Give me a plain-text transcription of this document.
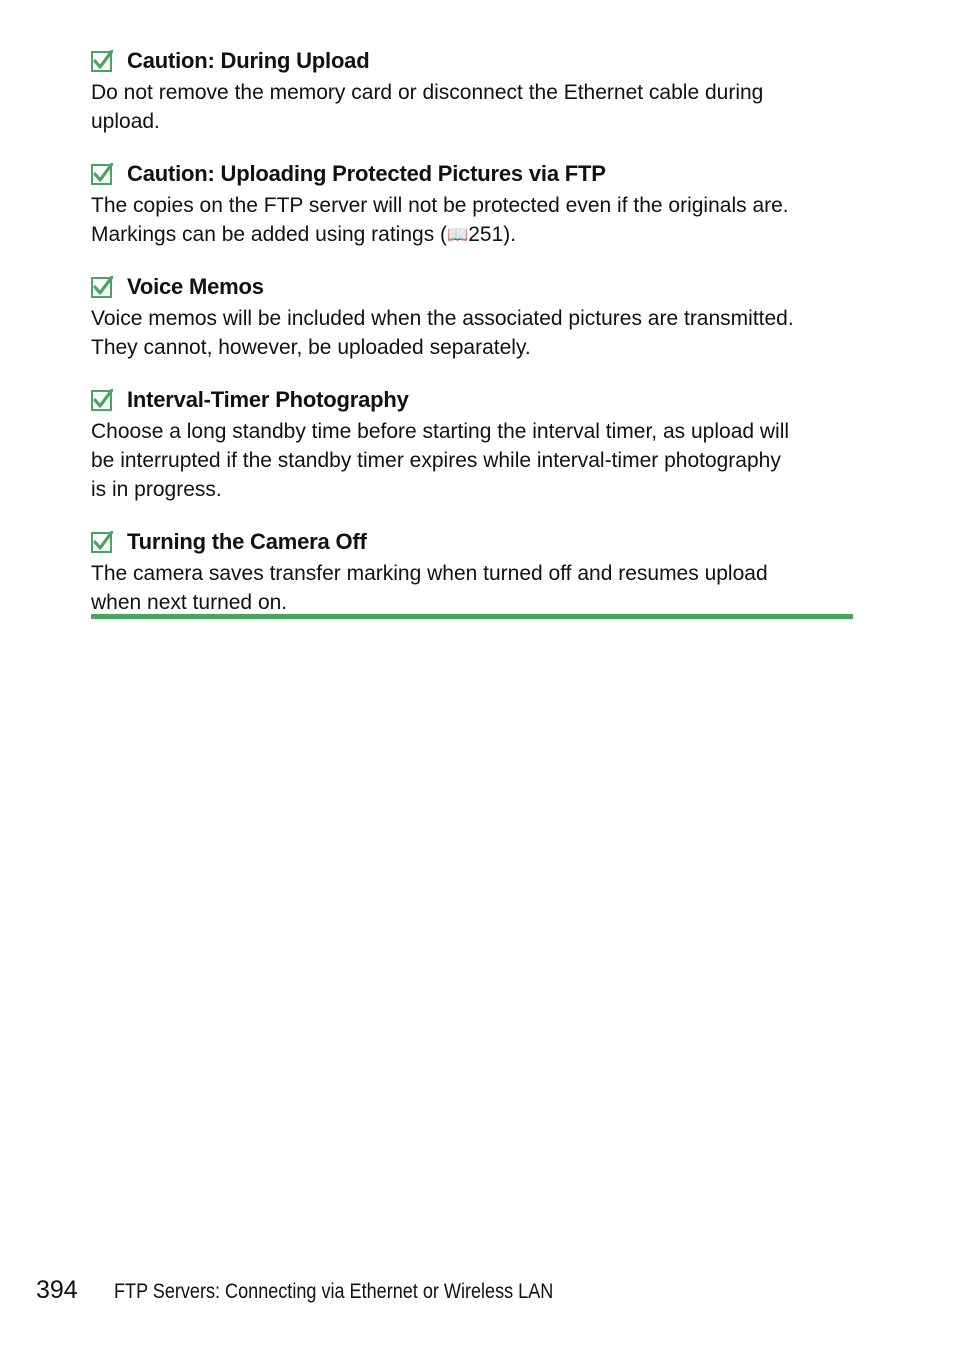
Caution: During Upload
Do not remove the memory card or disconnect the Ethernet cable during
upload.
Caution: Uploading Protected Pictures via FTP
The copies on the FTP server will not be protected even if the originals are.
Markings can be added using ratings (📖251).
Voice Memos
Voice memos will be included when the associated pictures are transmitted.
They cannot, however, be uploaded separately.
Interval-Timer Photography
Choose a long standby time before starting the interval timer, as upload will
be interrupted if the standby timer expires while interval-timer photography
is in progress.
Turning the Camera Off
The camera saves transfer marking when turned off and resumes upload
when next turned on.
394 FTP Servers: Connecting via Ethernet or Wireless LAN
